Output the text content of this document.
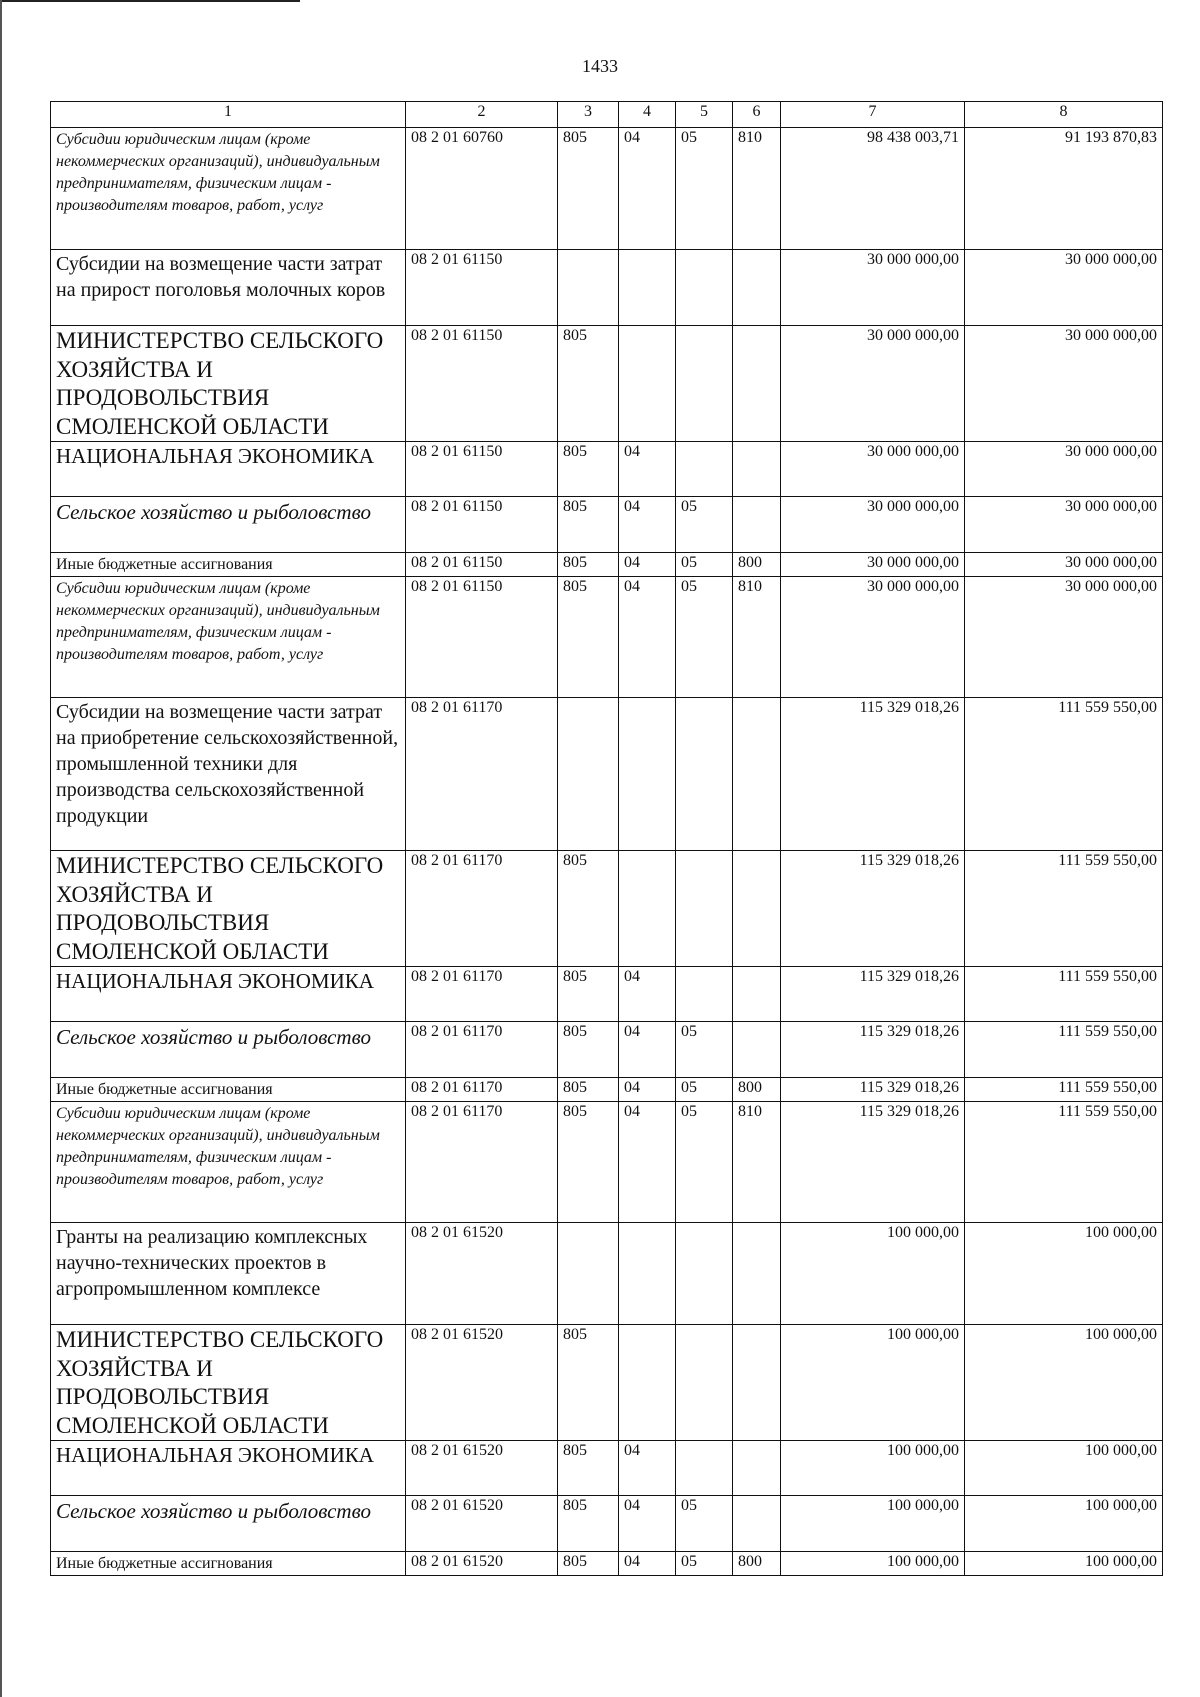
1433
1	2	3	4	5	6	7	8
Субсидии юридическим лицам (кроме некоммерческих организаций), индивидуальным предпринимателям, физическим лицам - производителям товаров, работ, услуг	08 2 01 60760	805	04	05	810	98 438 003,71	91 193 870,83
Субсидии на возмещение части затрат на прирост поголовья молочных коров	08 2 01 61150					30 000 000,00	30 000 000,00
МИНИСТЕРСТВО СЕЛЬСКОГО ХОЗЯЙСТВА И ПРОДОВОЛЬСТВИЯ СМОЛЕНСКОЙ ОБЛАСТИ	08 2 01 61150	805				30 000 000,00	30 000 000,00
НАЦИОНАЛЬНАЯ ЭКОНОМИКА	08 2 01 61150	805	04			30 000 000,00	30 000 000,00
Сельское хозяйство и рыболовство	08 2 01 61150	805	04	05		30 000 000,00	30 000 000,00
Иные бюджетные ассигнования	08 2 01 61150	805	04	05	800	30 000 000,00	30 000 000,00
Субсидии юридическим лицам (кроме некоммерческих организаций), индивидуальным предпринимателям, физическим лицам - производителям товаров, работ, услуг	08 2 01 61150	805	04	05	810	30 000 000,00	30 000 000,00
Субсидии на возмещение части затрат на приобретение сельскохозяйственной, промышленной техники для производства сельскохозяйственной продукции	08 2 01 61170					115 329 018,26	111 559 550,00
МИНИСТЕРСТВО СЕЛЬСКОГО ХОЗЯЙСТВА И ПРОДОВОЛЬСТВИЯ СМОЛЕНСКОЙ ОБЛАСТИ	08 2 01 61170	805				115 329 018,26	111 559 550,00
НАЦИОНАЛЬНАЯ ЭКОНОМИКА	08 2 01 61170	805	04			115 329 018,26	111 559 550,00
Сельское хозяйство и рыболовство	08 2 01 61170	805	04	05		115 329 018,26	111 559 550,00
Иные бюджетные ассигнования	08 2 01 61170	805	04	05	800	115 329 018,26	111 559 550,00
Субсидии юридическим лицам (кроме некоммерческих организаций), индивидуальным предпринимателям, физическим лицам - производителям товаров, работ, услуг	08 2 01 61170	805	04	05	810	115 329 018,26	111 559 550,00
Гранты на реализацию комплексных научно-технических проектов в агропромышленном комплексе	08 2 01 61520					100 000,00	100 000,00
МИНИСТЕРСТВО СЕЛЬСКОГО ХОЗЯЙСТВА И ПРОДОВОЛЬСТВИЯ СМОЛЕНСКОЙ ОБЛАСТИ	08 2 01 61520	805				100 000,00	100 000,00
НАЦИОНАЛЬНАЯ ЭКОНОМИКА	08 2 01 61520	805	04			100 000,00	100 000,00
Сельское хозяйство и рыболовство	08 2 01 61520	805	04	05		100 000,00	100 000,00
Иные бюджетные ассигнования	08 2 01 61520	805	04	05	800	100 000,00	100 000,00
